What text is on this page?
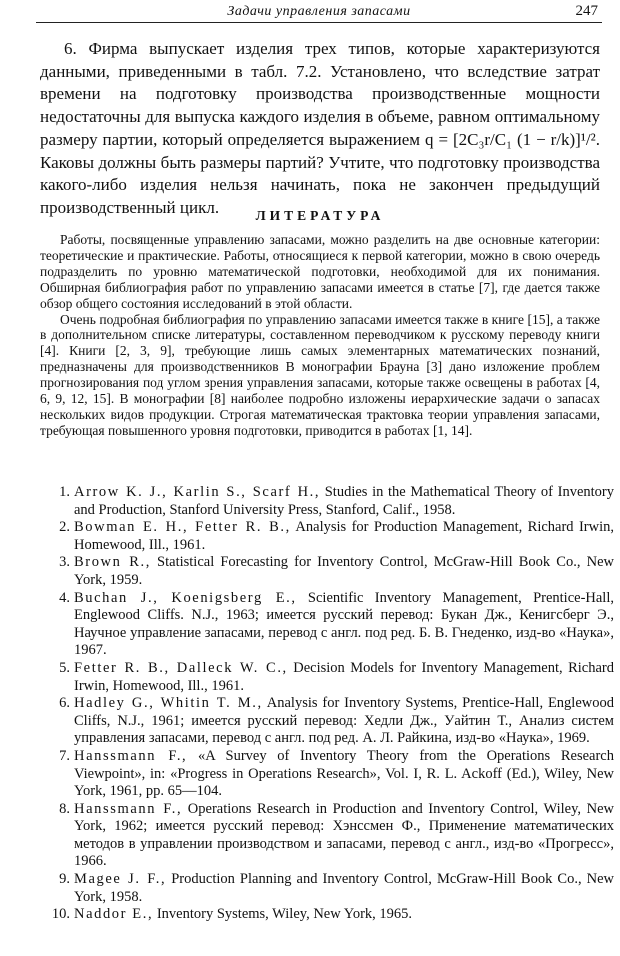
Задачи управления запасами	247

6. Фирма выпускает изделия трех типов, которые характеризуются данными, приведенными в табл. 7.2. Установлено, что вследствие затрат времени на подготовку производства производственные мощности недостаточны для выпуска каждого изделия в объеме, равном оптимальному размеру партии, который определяется выражением q = [2C₃r/C₁ (1 − r/k)]¹/². Каковы должны быть размеры партий? Учтите, что подготовку производства какого-либо изделия нельзя начинать, пока не закончен предыдущий производственный цикл.	ЛИТЕРАТУРА

Работы, посвященные управлению запасами, можно разделить на две основные категории: теоретические и практические. Работы, относящиеся к первой категории, можно в свою очередь подразделить по уровню математической подготовки, необходимой для их понимания. Обширная библиография работ по управлению запасами имеется в статье [7], где дается также обзор общего состояния исследований в этой области.

Очень подробная библиография по управлению запасами имеется также в книге [15], а также в дополнительном списке литературы, составленном переводчиком к русскому переводу книги [4]. Книги [2, 3, 9], требующие лишь самых элементарных математических познаний, предназначены для производственников В монографии Брауна [3] дано изложение проблем прогнозирования под углом зрения управления запасами, которые также освещены в работах [4, 6, 9, 12, 15]. В монографии [8] наиболее подробно изложены иерархические задачи о запасах нескольких видов продукции. Строгая математическая трактовка теории управления запасами, требующая повышенного уровня подготовки, приводится в работах [1, 14].

1. Arrow K. J., Karlin S., Scarf H., Studies in the Mathematical Theory of Inventory and Production, Stanford University Press, Stanford, Calif., 1958.
2. Bowman E. H., Fetter R. B., Analysis for Production Management, Richard Irwin, Homewood, Ill., 1961.
3. Brown R., Statistical Forecasting for Inventory Control, McGraw-Hill Book Co., New York, 1959.
4. Buchan J., Koenigsberg E., Scientific Inventory Management, Prentice-Hall, Englewood Cliffs. N.J., 1963; имеется русский перевод: Букан Дж., Кенигсберг Э., Научное управление запасами, перевод с англ. под ред. Б. В. Гнеденко, изд-во «Наука», 1967.
5. Fetter R. B., Dalleck W. C., Decision Models for Inventory Management, Richard Irwin, Homewood, Ill., 1961.
6. Hadley G., Whitin T. M., Analysis for Inventory Systems, Prentice-Hall, Englewood Cliffs, N.J., 1961; имеется русский перевод: Хедли Дж., Уайтин Т., Анализ систем управления запасами, перевод с англ. под ред. А. Л. Райкина, изд-во «Наука», 1969.
7. Hanssmann F., «A Survey of Inventory Theory from the Operations Research Viewpoint», in: «Progress in Operations Research», Vol. I, R. L. Ackoff (Ed.), Wiley, New York, 1961, pp. 65—104.
8. Hanssmann F., Operations Research in Production and Inventory Control, Wiley, New York, 1962; имеется русский перевод: Хэнссмен Ф., Применение математических методов в управлении производством и запасами, перевод с англ., изд-во «Прогресс», 1966.
9. Magee J. F., Production Planning and Inventory Control, McGraw-Hill Book Co., New York, 1958.
10. Naddor E., Inventory Systems, Wiley, New York, 1965.
